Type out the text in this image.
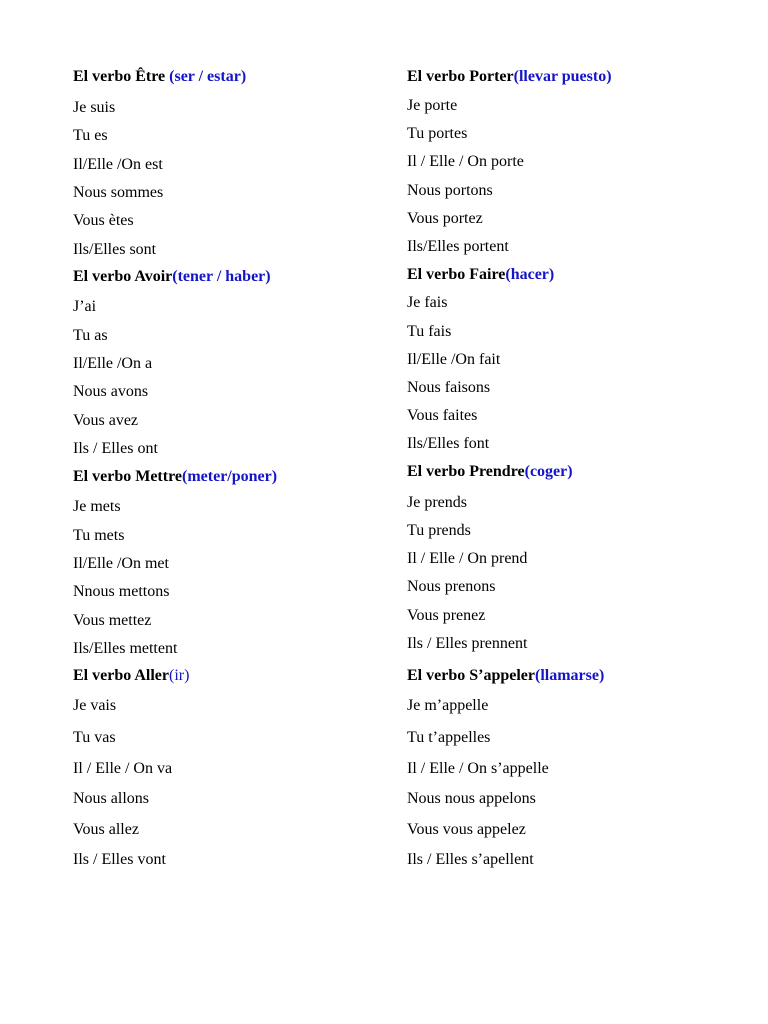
El verbo Être (ser / estar)
Je suis
Tu es
Il/Elle /On est
Nous sommes
Vous ètes
Ils/Elles sont
El verbo Avoir(tener / haber)
J’ai
Tu as
Il/Elle /On a
Nous avons
Vous avez
Ils / Elles ont
El verbo Mettre(meter/poner)
Je mets
Tu mets
Il/Elle /On met
Nnous mettons
Vous mettez
Ils/Elles mettent
El verbo Aller(ir)
Je vais
Tu vas
Il / Elle / On va
Nous allons
Vous allez
Ils / Elles vont
El verbo Porter(llevar puesto)
Je porte
Tu portes
Il / Elle / On porte
Nous portons
Vous portez
Ils/Elles portent
El verbo Faire(hacer)
Je fais
Tu fais
Il/Elle /On fait
Nous faisons
Vous faites
Ils/Elles font
El verbo Prendre(coger)
Je prends
Tu prends
Il / Elle / On prend
Nous prenons
Vous prenez
Ils / Elles prennent
El verbo S’appeler(llamarse)
Je m’appelle
Tu t’appelles
Il / Elle / On s’appelle
Nous nous appelons
Vous vous appelez
Ils / Elles s’apellent
